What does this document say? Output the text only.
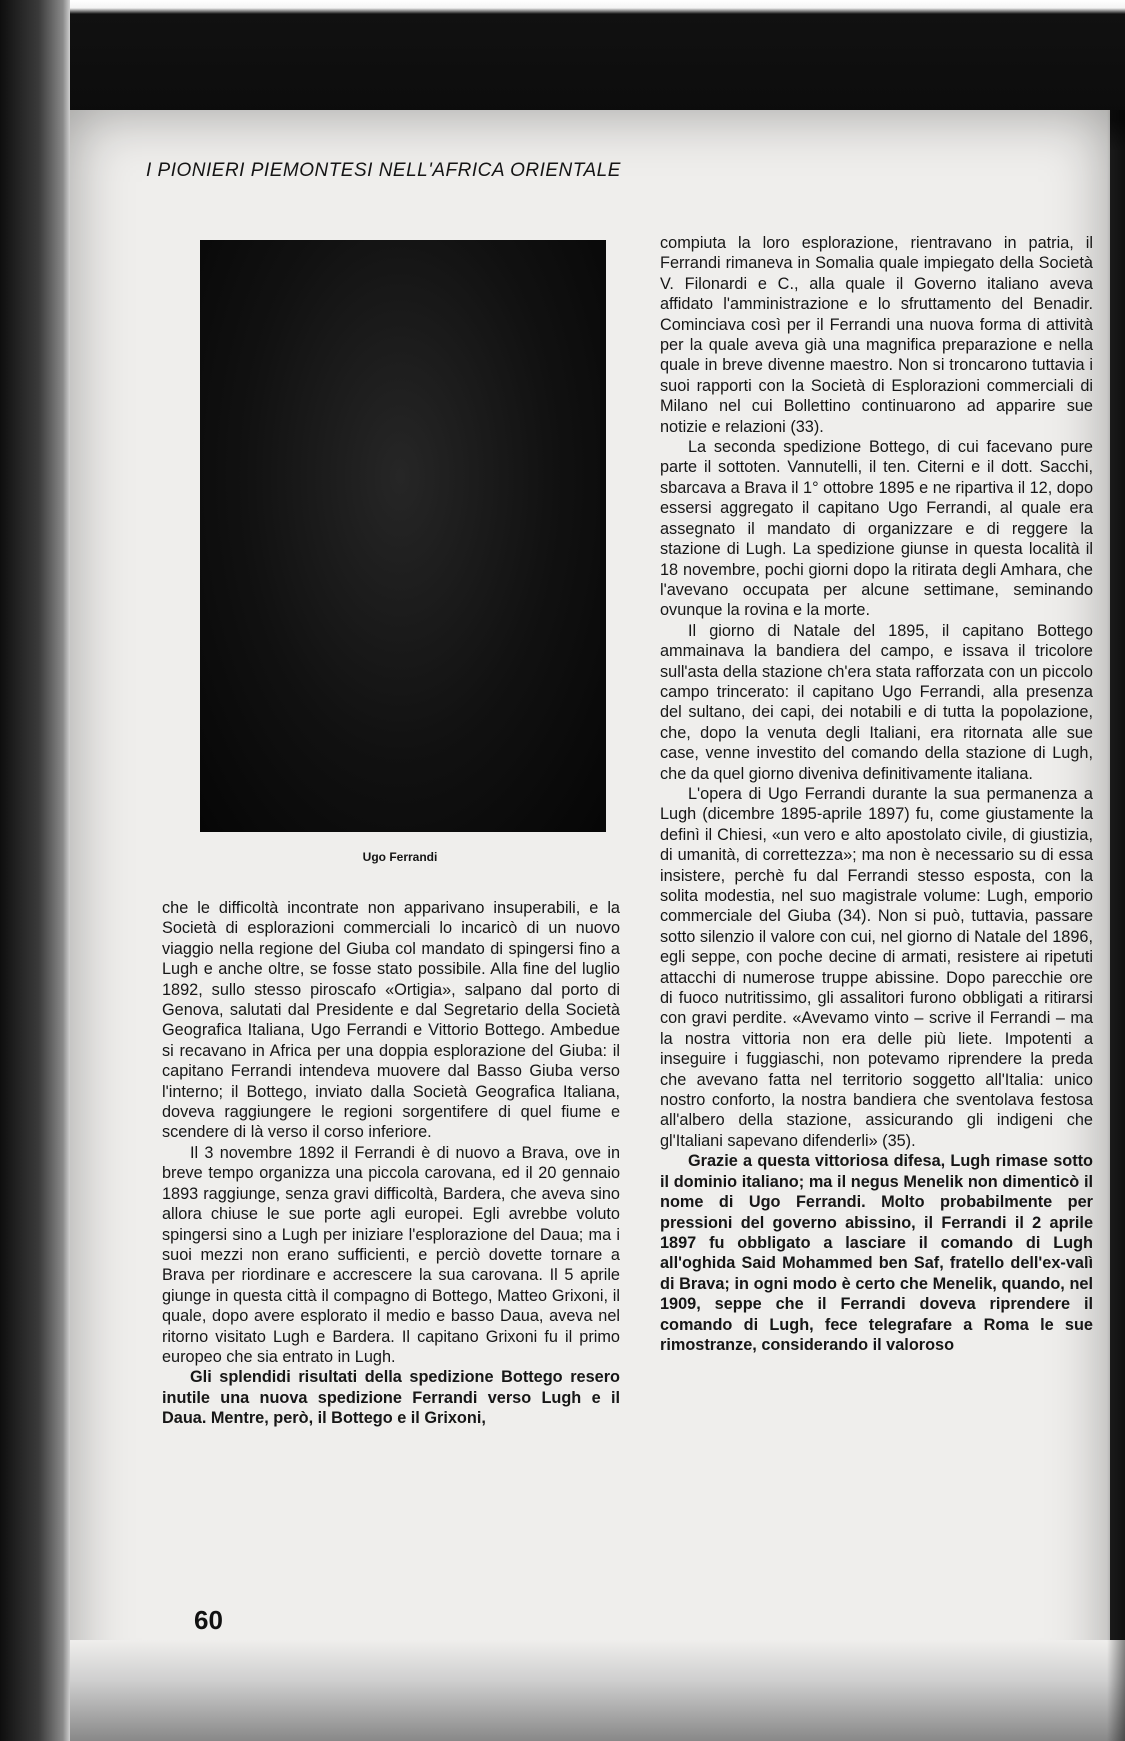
I PIONIERI PIEMONTESI NELL'AFRICA ORIENTALE
Ugo Ferrandi

che le difficoltà incontrate non apparivano insuperabili, e la Società di esplorazioni commerciali lo incaricò di un nuovo viaggio nella regione del Giuba col mandato di spingersi fino a Lugh e anche oltre, se fosse stato possibile. Alla fine del luglio 1892, sullo stesso piroscafo «Ortigia», salpano dal porto di Genova, salutati dal Presidente e dal Segretario della Società Geografica Italiana, Ugo Ferrandi e Vittorio Bottego. Ambedue si recavano in Africa per una doppia esplorazione del Giuba: il capitano Ferrandi intendeva muovere dal Basso Giuba verso l'interno; il Bottego, inviato dalla Società Geografica Italiana, doveva raggiungere le regioni sorgentifere di quel fiume e scendere di là verso il corso inferiore.

Il 3 novembre 1892 il Ferrandi è di nuovo a Brava, ove in breve tempo organizza una piccola carovana, ed il 20 gennaio 1893 raggiunge, senza gravi difficoltà, Bardera, che aveva sino allora chiuse le sue porte agli europei. Egli avrebbe voluto spingersi sino a Lugh per iniziare l'esplorazione del Daua; ma i suoi mezzi non erano sufficienti, e perciò dovette tornare a Brava per riordinare e accrescere la sua carovana. Il 5 aprile giunge in questa città il compagno di Bottego, Matteo Grixoni, il quale, dopo avere esplorato il medio e basso Daua, aveva nel ritorno visitato Lugh e Bardera. Il capitano Grixoni fu il primo europeo che sia entrato in Lugh.

Gli splendidi risultati della spedizione Bottego resero inutile una nuova spedizione Ferrandi verso Lugh e il Daua. Mentre, però, il Bottego e il Grixoni,

compiuta la loro esplorazione, rientravano in patria, il Ferrandi rimaneva in Somalia quale impiegato della Società V. Filonardi e C., alla quale il Governo italiano aveva affidato l'amministrazione e lo sfruttamento del Benadir. Cominciava così per il Ferrandi una nuova forma di attività per la quale aveva già una magnifica preparazione e nella quale in breve divenne maestro. Non si troncarono tuttavia i suoi rapporti con la Società di Esplorazioni commerciali di Milano nel cui Bollettino continuarono ad apparire sue notizie e relazioni (33).

La seconda spedizione Bottego, di cui facevano pure parte il sottoten. Vannutelli, il ten. Citerni e il dott. Sacchi, sbarcava a Brava il 1° ottobre 1895 e ne ripartiva il 12, dopo essersi aggregato il capitano Ugo Ferrandi, al quale era assegnato il mandato di organizzare e di reggere la stazione di Lugh. La spedizione giunse in questa località il 18 novembre, pochi giorni dopo la ritirata degli Amhara, che l'avevano occupata per alcune settimane, seminando ovunque la rovina e la morte.

Il giorno di Natale del 1895, il capitano Bottego ammainava la bandiera del campo, e issava il tricolore sull'asta della stazione ch'era stata rafforzata con un piccolo campo trincerato: il capitano Ugo Ferrandi, alla presenza del sultano, dei capi, dei notabili e di tutta la popolazione, che, dopo la venuta degli Italiani, era ritornata alle sue case, venne investito del comando della stazione di Lugh, che da quel giorno diveniva definitivamente italiana.

L'opera di Ugo Ferrandi durante la sua permanenza a Lugh (dicembre 1895-aprile 1897) fu, come giustamente la definì il Chiesi, «un vero e alto apostolato civile, di giustizia, di umanità, di correttezza»; ma non è necessario su di essa insistere, perchè fu dal Ferrandi stesso esposta, con la solita modestia, nel suo magistrale volume: Lugh, emporio commerciale del Giuba (34). Non si può, tuttavia, passare sotto silenzio il valore con cui, nel giorno di Natale del 1896, egli seppe, con poche decine di armati, resistere ai ripetuti attacchi di numerose truppe abissine. Dopo parecchie ore di fuoco nutritissimo, gli assalitori furono obbligati a ritirarsi con gravi perdite. «Avevamo vinto – scrive il Ferrandi – ma la nostra vittoria non era delle più liete. Impotenti a inseguire i fuggiaschi, non potevamo riprendere la preda che avevano fatta nel territorio soggetto all'Italia: unico nostro conforto, la nostra bandiera che sventolava festosa all'albero della stazione, assicurando gli indigeni che gl'Italiani sapevano difenderli» (35).

Grazie a questa vittoriosa difesa, Lugh rimase sotto il dominio italiano; ma il negus Menelik non dimenticò il nome di Ugo Ferrandi. Molto probabilmente per pressioni del governo abissino, il Ferrandi il 2 aprile 1897 fu obbligato a lasciare il comando di Lugh all'oghida Said Mohammed ben Saf, fratello dell'ex-valì di Brava; in ogni modo è certo che Menelik, quando, nel 1909, seppe che il Ferrandi doveva riprendere il comando di Lugh, fece telegrafare a Roma le sue rimostranze, considerando il valoroso

60
